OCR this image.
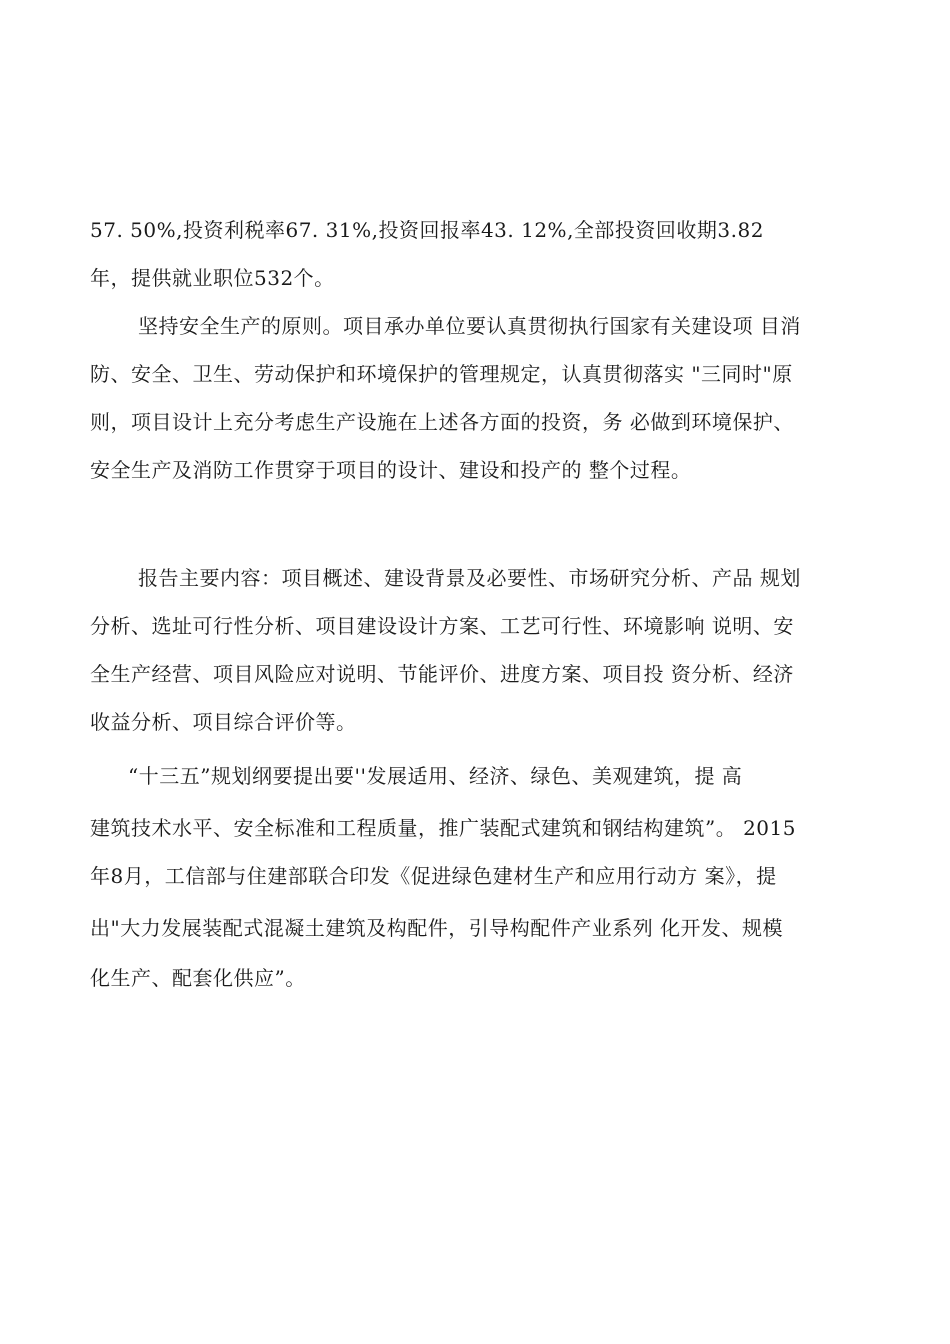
57. 50%,投资利税率67. 31%,投资回报率43. 12%,全部投资回收期3.82
年，提供就业职位532个。
坚持安全生产的原则。项目承办单位要认真贯彻执行国家有关建设项 目消
防、安全、卫生、劳动保护和环境保护的管理规定，认真贯彻落实 "三同时"原
则，项目设计上充分考虑生产设施在上述各方面的投资，务 必做到环境保护、
安全生产及消防工作贯穿于项目的设计、建设和投产的 整个过程。
报告主要内容：项目概述、建设背景及必要性、市场研究分析、产品 规划
分析、选址可行性分析、项目建设设计方案、工艺可行性、环境影响 说明、安
全生产经营、项目风险应对说明、节能评价、进度方案、项目投 资分析、经济
收益分析、项目综合评价等。
“十三五”规划纲要提出要''发展适用、经济、绿色、美观建筑，提 高
建筑技术水平、安全标准和工程质量，推广装配式建筑和钢结构建筑”。 2015
年8月，工信部与住建部联合印发《促进绿色建材生产和应用行动方 案》，提
出"大力发展装配式混凝土建筑及构配件，引导构配件产业系列 化开发、规模
化生产、配套化供应”。
